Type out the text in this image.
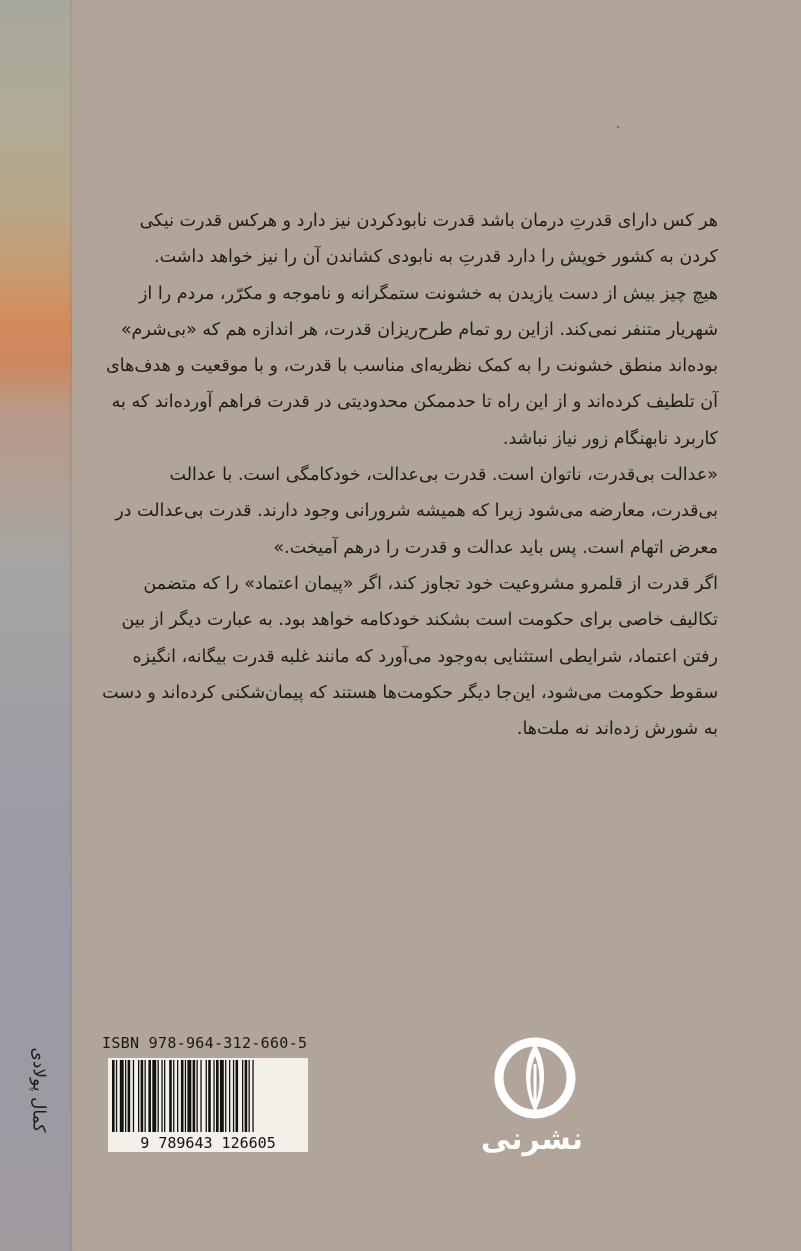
ﮐﻤﺎﻝ ﭘﻮﻻﺩﯼ

هر کس دارای قدرتِ درمان باشد قدرت نابودکردن نیز دارد و هرکس قدرت نیکی کردن به کشور خویش را دارد قدرتِ به نابودی کشاندن آن را نیز خواهد داشت.

هیچ چیز بیش از دست یازیدن به خشونت ستمگرانه و ناموجه و مکرّر، مردم را از شهریار متنفر نمی‌کند. ازاین رو تمام طرح‌ریزان قدرت، هر اندازه هم که «بی‌شرم» بوده‌اند منطق خشونت را به کمک نظریه‌ای مناسب با قدرت، و با موقعیت و هدف‌های آن تلطیف کرده‌اند و از این راه تا حدممکن محدودیتی در قدرت فراهم آورده‌اند که به کاربرد نابهنگام زور نیاز نباشد.

«عدالت بی‌قدرت، ناتوان است. قدرت بی‌عدالت، خودکامگی است. با عدالت بی‌قدرت، معارضه می‌شود زیرا که همیشه شرورانی وجود دارند. قدرت بی‌عدالت در معرض اتهام است. پس باید عدالت و قدرت را درهم آمیخت.»

اگر قدرت از قلمرو مشروعیت خود تجاوز کند، اگر «پیمان اعتماد» را که متضمن تکالیف خاصی برای حکومت است بشکند خودکامه خواهد بود. به عبارت دیگر از بین رفتن اعتماد، شرایطی استثنایی به‌وجود می‌آورد که مانند غلبه قدرت بیگانه، انگیزه سقوط حکومت می‌شود، این‌جا دیگر حکومت‌ها هستند که پیمان‌شکنی کرده‌اند و دست به شورش زده‌اند نه ملت‌ها.

ISBN 978-964-312-660-5
9 789643 126605	نشرنی
